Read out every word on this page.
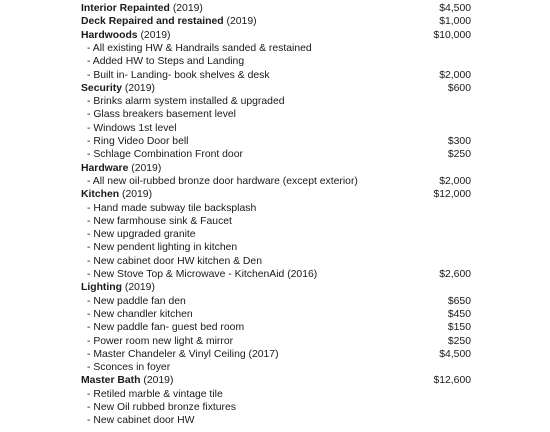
Interior Repainted (2019)	$4,500
Deck Repaired and restained (2019)	$1,000
Hardwoods (2019)	$10,000
- All existing HW & Handrails sanded & restained
- Added HW to Steps and Landing
- Built in- Landing- book shelves & desk	$2,000
Security (2019)	$600
- Brinks alarm system installed & upgraded
- Glass breakers basement level
- Windows 1st level
- Ring Video Door bell	$300
- Schlage Combination Front door	$250
Hardware (2019)
- All new oil-rubbed bronze door hardware (except exterior)	$2,000
Kitchen (2019)	$12,000
- Hand made subway tile backsplash
- New farmhouse sink & Faucet
- New upgraded granite
- New pendent lighting in kitchen
- New cabinet door HW kitchen & Den
- New Stove Top & Microwave - KitchenAid (2016)	$2,600
Lighting (2019)
- New paddle fan den	$650
- New chandler kitchen	$450
- New paddle fan- guest bed room	$150
- Power room new light & mirror	$250
- Master Chandeler & Vinyl Ceiling (2017)	$4,500
- Sconces in foyer
Master Bath (2019)	$12,600
- Retiled marble & vintage tile
- New Oil rubbed bronze fixtures
- New cabinet door HW
